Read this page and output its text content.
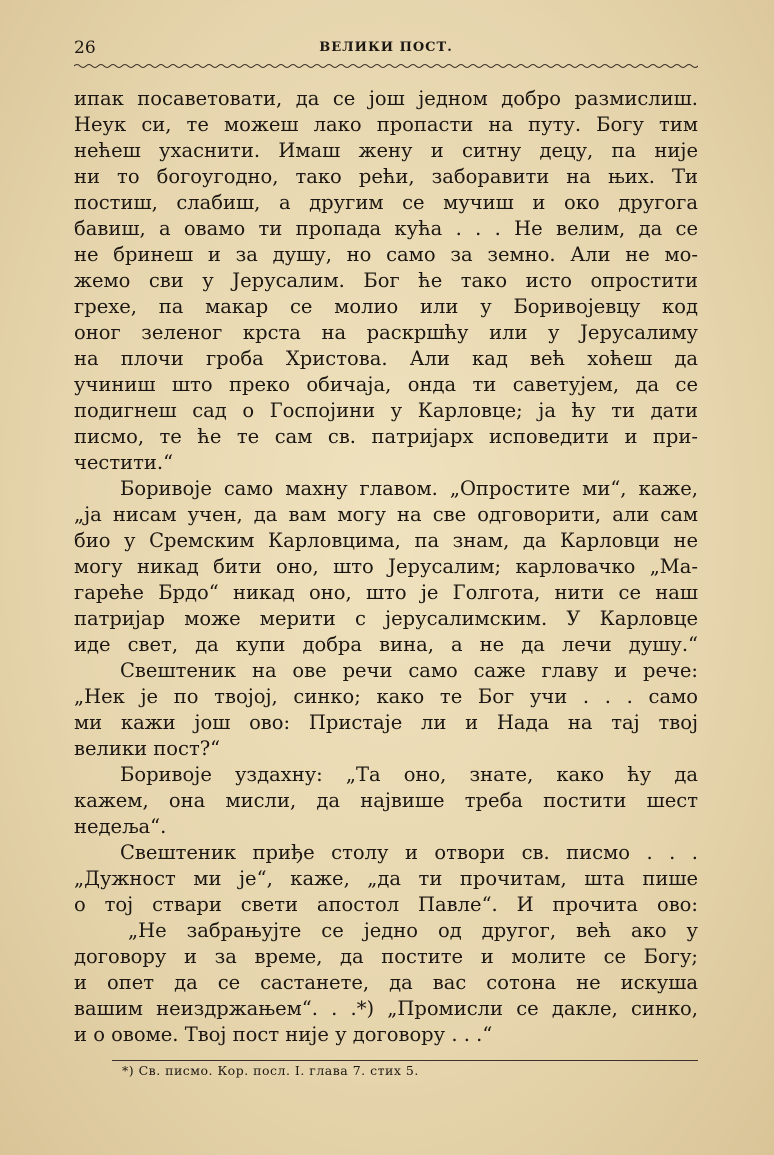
26	ВЕЛИКИ ПОСТ.
ипак посаветовати, да се још једном добро размислиш.
Неук си, те можеш лако пропасти на путу. Богу тим
нећеш ухаснити. Имаш жену и ситну децу, па није
ни то богоугодно, тако рећи, заборавити на њих. Ти
постиш, слабиш, а другим се мучиш и око другога
бавиш, а овамо ти пропада кућа . . . Не велим, да се
не бринеш и за душу, но само за земно. Али не мо-
жемо сви у Јерусалим. Бог ће тако исто опростити
грехе, па макар се молио или у Боривојевцу код
оног зеленог крста на раскршћу или у Јерусалиму
на плочи гроба Христова. Али кад већ хоћеш да
учиниш што преко обичаја, онда ти саветујем, да се
подигнеш сад о Госпојини у Карловце; ја ћу ти дати
писмо, те ће те сам св. патријарх исповедити и при-
честити.“
Боривоје само махну главом. „Опростите ми“, каже,
„ја нисам учен, да вам могу на све одговорити, али сам
био у Сремским Карловцима, па знам, да Карловци не
могу никад бити оно, што Јерусалим; карловачко „Ма-
гареће Брдо“ никад оно, што је Голгота, нити се наш
патријар може мерити с јерусалимским. У Карловце
иде свет, да купи добра вина, а не да лечи душу.“
Свештеник на ове речи само саже главу и рече:
„Нек је по твојој, синко; како те Бог учи . . . само
ми кажи још ово: Пристаје ли и Нада на тај твој
велики пост?“
Боривоје уздахну: „Та оно, знате, како ћу да
кажем, она мисли, да највише треба постити шест
недеља“.
Свештеник приђе столу и отвори св. писмо . . .
„Дужност ми је“, каже, „да ти прочитам, шта пише
о тој ствари свети апостол Павле“. И прочита ово:
„Не забрањујте се једно од другог, већ ако у
договору и за време, да постите и молите се Богу;
и опет да се састанете, да вас сотона не искуша
вашим неиздржањем“. . .*) „Промисли се дакле, синко,
и о овоме. Твој пост није у договору . . .“
*) Св. писмо. Кор. посл. I. глава 7. стих 5.
